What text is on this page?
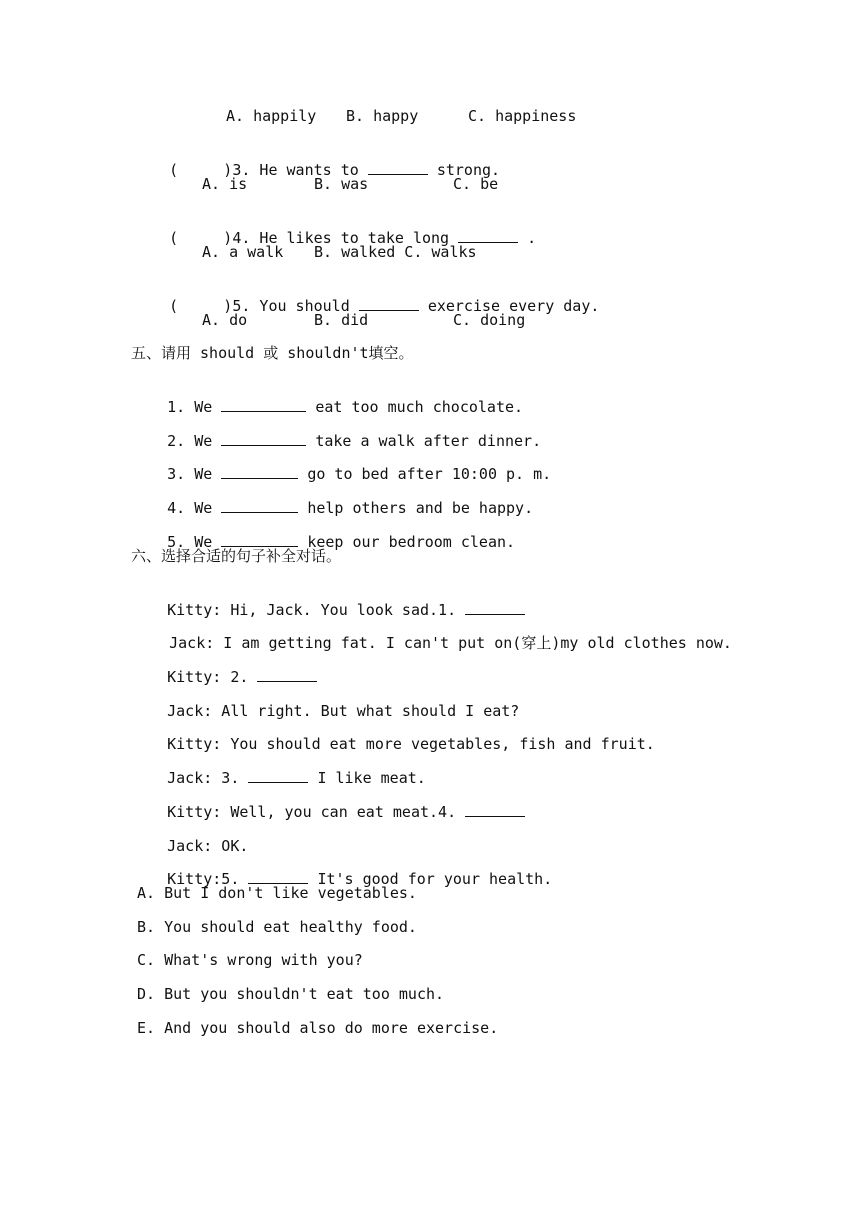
A. happily B. happy	C. happiness

(     )3. He wants to	strong.

A. is	B. was	C. be

(     )4. He likes to take long	.

A. a walk B. walked C. walks

(     )5. You should	exercise every day.

A. do	B. did	C. doing
五、请用 should 或 shouldn't填空。

1. We	eat too much chocolate.

2. We	take a walk after dinner.

3. We	go to bed after 10:00 p. m.

4. We	help others and be happy.

5. We	keep our bedroom clean.

六、选择合适的句子补全对话。

Kitty: Hi, Jack. You look sad.1.

Jack: I am getting fat. I can't put on(穿上)my old clothes now.

Kitty: 2.

Jack: All right. But what should I eat?

Kitty: You should eat more vegetables, fish and fruit.

Jack: 3.	I like meat.

Kitty: Well, you can eat meat.4.

Jack: OK.

Kitty:5.	It's good for your health.

A. But I don't like vegetables.
B. You should eat healthy food.
C. What's wrong with you?
D. But you shouldn't eat too much.
E. And you should also do more exercise.
